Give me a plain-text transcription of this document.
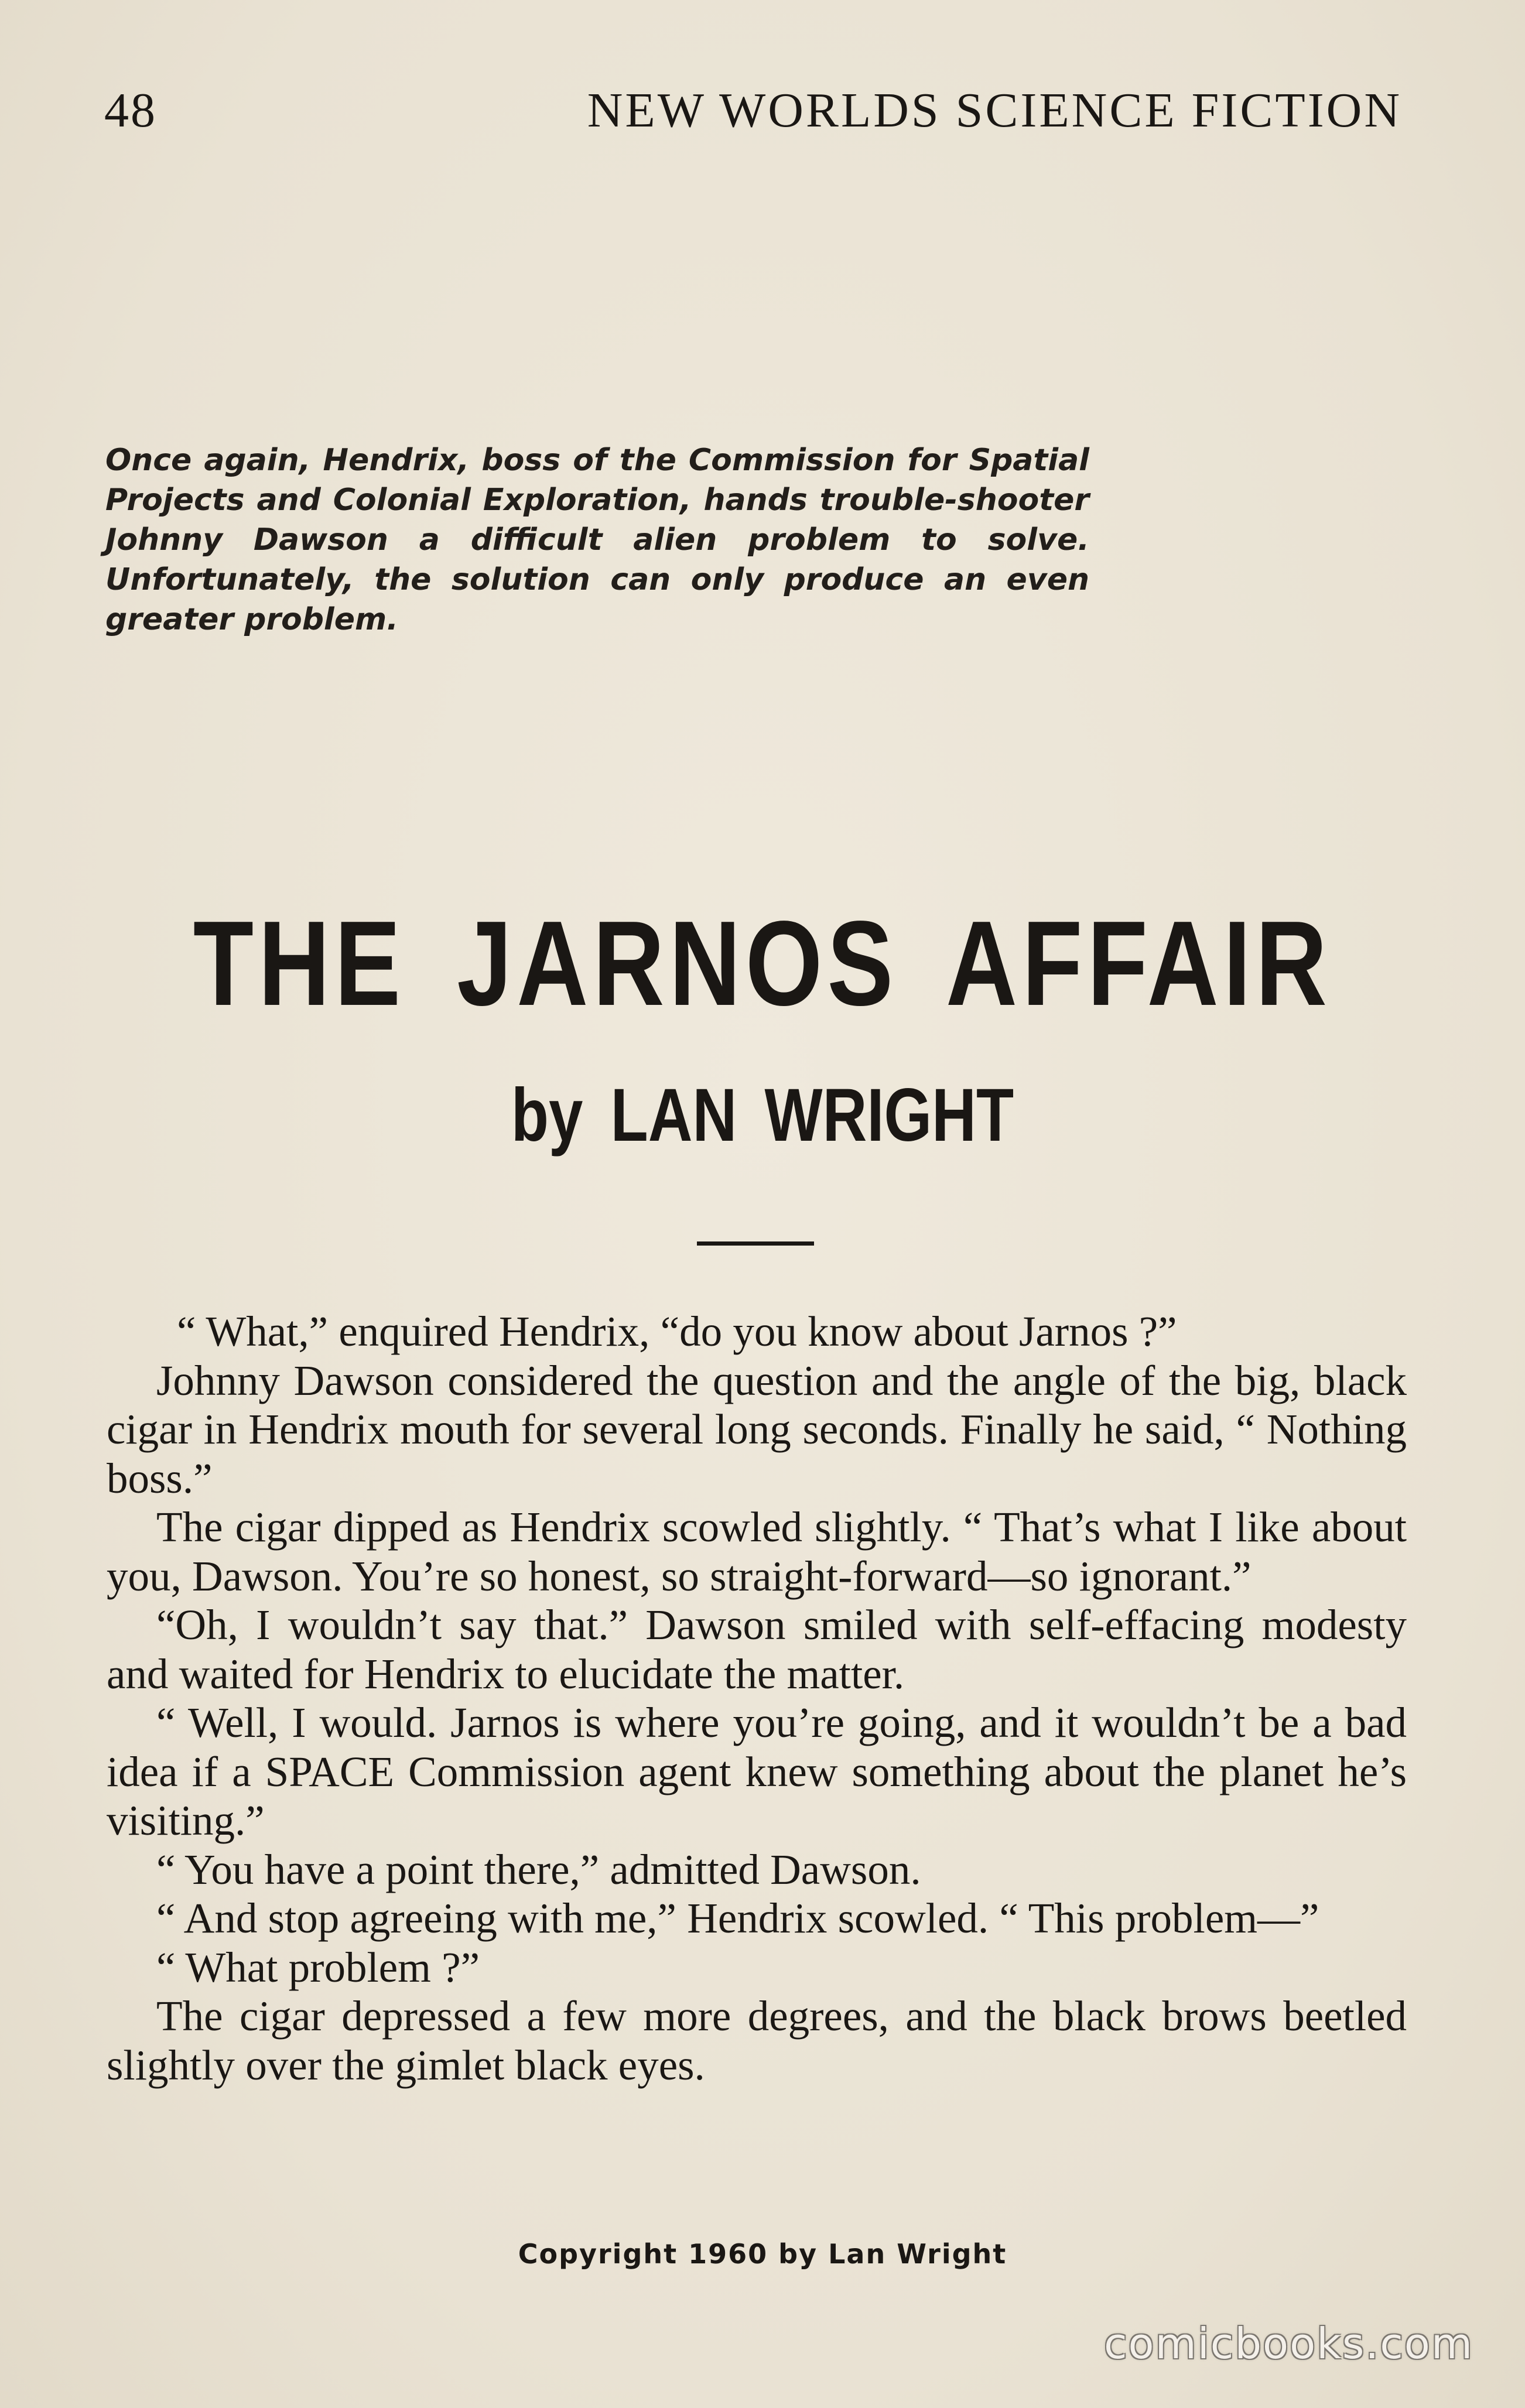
48	NEW WORLDS SCIENCE FICTION
Once again, Hendrix, boss of the Commission for Spatial Projects and Colonial Exploration, hands trouble-shooter Johnny Dawson a difficult alien problem to solve. Unfortunately, the solution can only produce an even greater problem.
THE JARNOS AFFAIR
by LAN WRIGHT

“ What,” enquired Hendrix, “do you know about Jarnos ?”

Johnny Dawson considered the question and the angle of the big, black cigar in Hendrix mouth for several long seconds. Finally he said, “ Nothing boss.”

The cigar dipped as Hendrix scowled slightly. “ That’s what I like about you, Dawson. You’re so honest, so straight-forward—so ignorant.”

“Oh, I wouldn’t say that.” Dawson smiled with self-effacing modesty and waited for Hendrix to elucidate the matter.

“ Well, I would. Jarnos is where you’re going, and it wouldn’t be a bad idea if a SPACE Commission agent knew something about the planet he’s visiting.”

“ You have a point there,” admitted Dawson.

“ And stop agreeing with me,” Hendrix scowled. “ This problem—”

“ What problem ?”

The cigar depressed a few more degrees, and the black brows beetled slightly over the gimlet black eyes.

Copyright 1960 by Lan Wright
comicbooks.com
